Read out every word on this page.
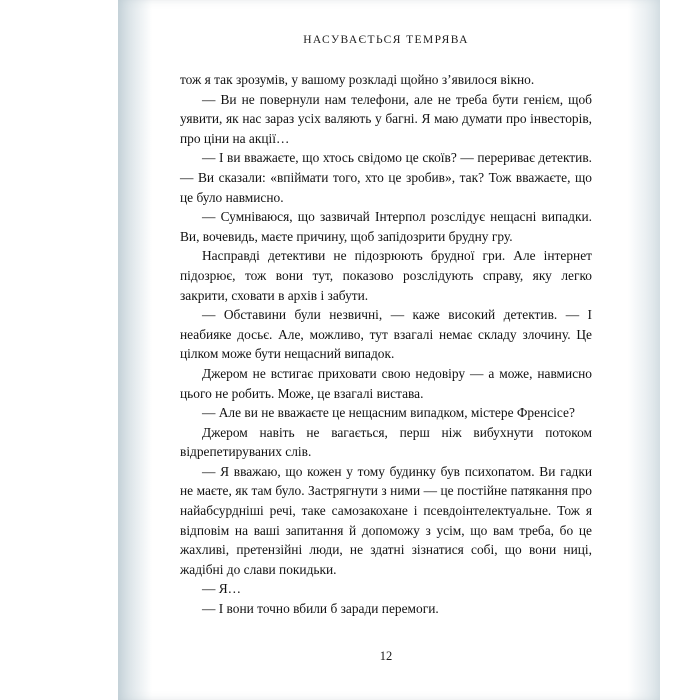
НАСУВАЄТЬСЯ ТЕМРЯВА

тож я так зрозумів, у вашому розкладі щойно з’явилося вікно.

— Ви не повернули нам телефони, але не треба бути генієм, щоб уявити, як нас зараз усіх валяють у багні. Я маю думати про інвесторів, про ціни на акції…

— І ви вважаєте, що хтось свідомо це скоїв? — перериває детектив. — Ви сказали: «впіймати того, хто це зробив», так? Тож вважаєте, що це було навмисно.

— Сумніваюся, що зазвичай Інтерпол розслідує нещасні випадки. Ви, вочевидь, маєте причину, щоб запідозрити брудну гру.

Насправді детективи не підозрюють брудної гри. Але інтернет підозрює, тож вони тут, показово розслідують справу, яку легко закрити, сховати в архів і забути.

— Обставини були незвичні, — каже високий детектив. — І неабияке досьє. Але, можливо, тут взагалі немає складу злочину. Це цілком може бути нещасний випадок.

Джером не встигає приховати свою недовіру — а може, навмисно цього не робить. Може, це взагалі вистава.

— Але ви не вважаєте це нещасним випадком, містере Френсісе?

Джером навіть не вагається, перш ніж вибухнути потоком відрепетируваних слів.

— Я вважаю, що кожен у тому будинку був психопатом. Ви гадки не маєте, як там було. Застрягнути з ними — це постійне патякання про найабсурдніші речі, таке самозакохане і псевдоінтелектуальне. Тож я відповім на ваші запитання й допоможу з усім, що вам треба, бо це жахливі, претензійні люди, не здатні зізнатися собі, що вони ниці, жадібні до слави покидьки.

— Я…

— І вони точно вбили б заради перемоги.

12
